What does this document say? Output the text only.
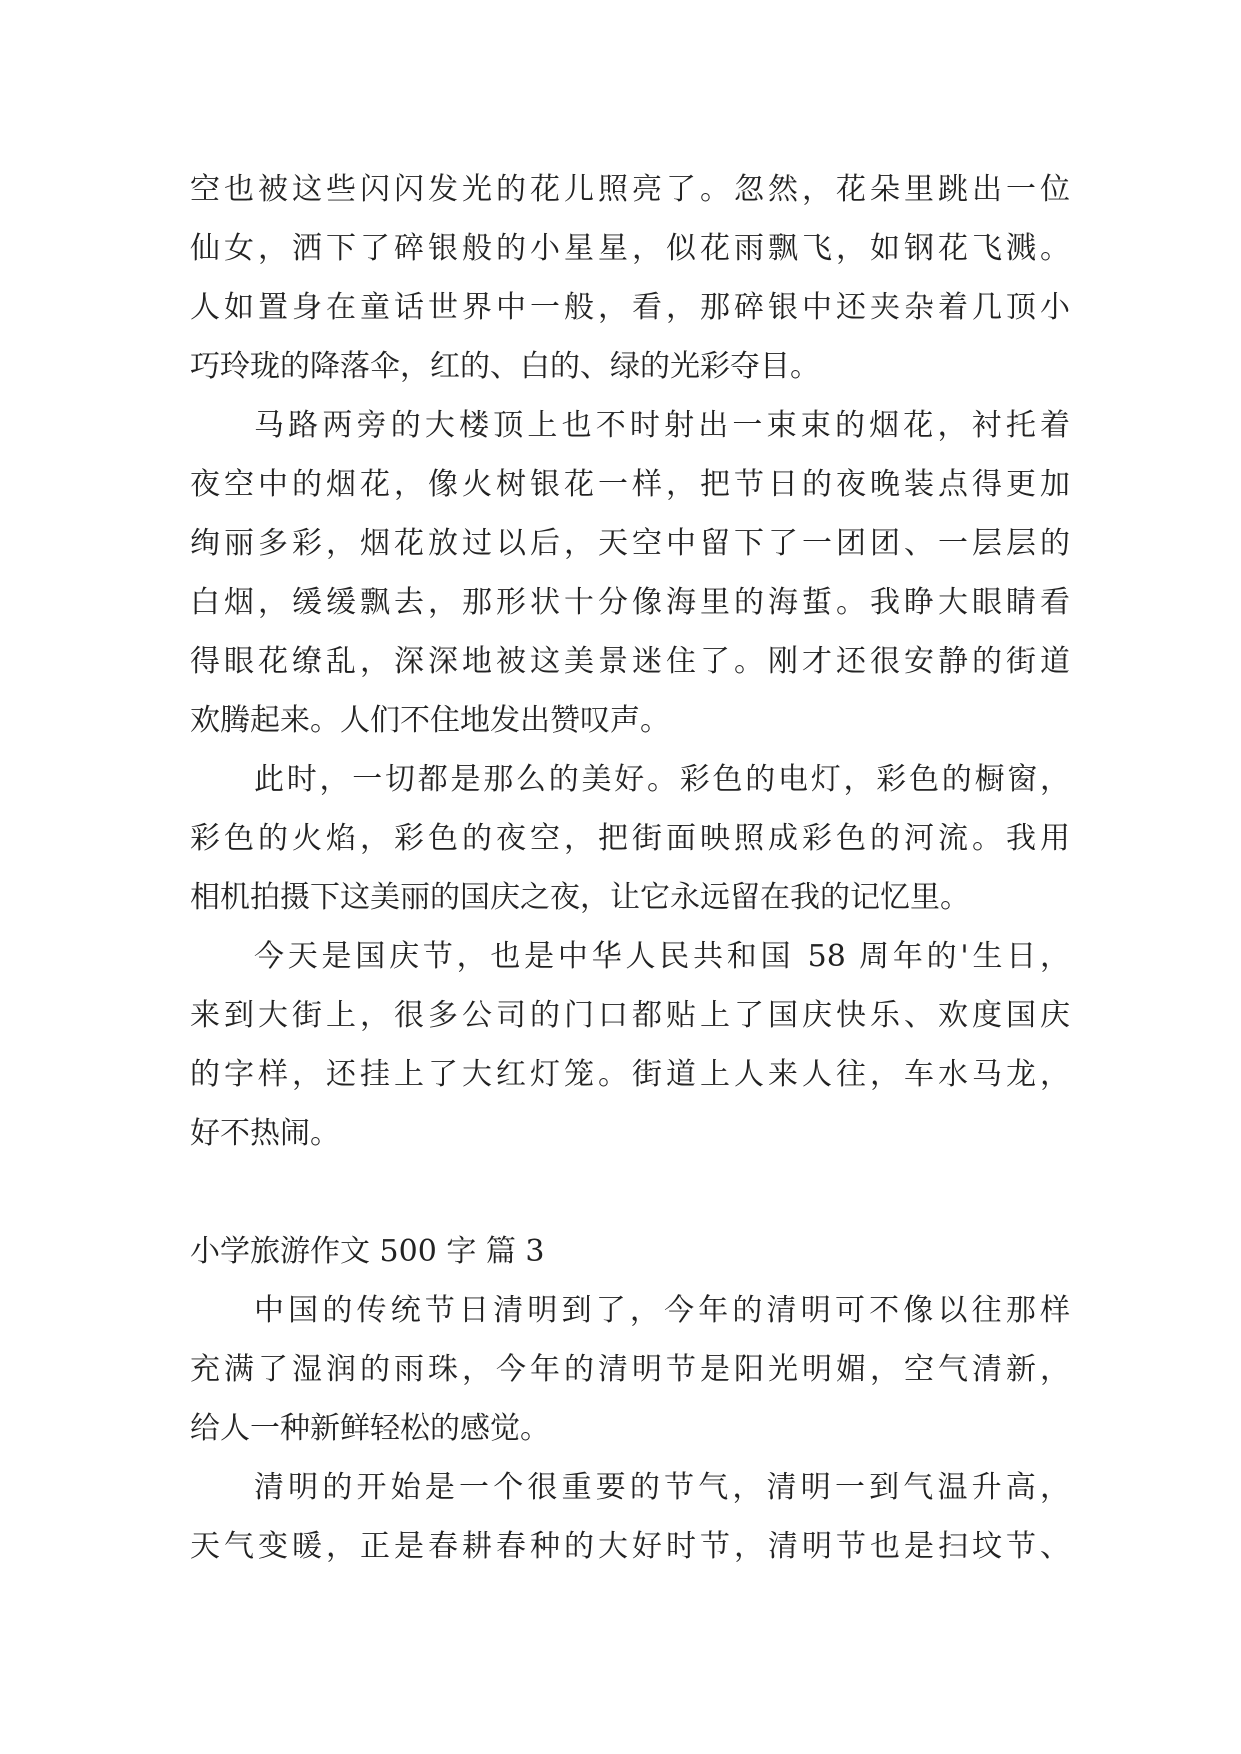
空也被这些闪闪发光的花儿照亮了。忽然，花朵里跳出一位
仙女，洒下了碎银般的小星星，似花雨飘飞，如钢花飞溅。
人如置身在童话世界中一般，看，那碎银中还夹杂着几顶小
巧玲珑的降落伞，红的、白的、绿的光彩夺目。
马路两旁的大楼顶上也不时射出一束束的烟花，衬托着
夜空中的烟花，像火树银花一样，把节日的夜晚装点得更加
绚丽多彩，烟花放过以后，天空中留下了一团团、一层层的
白烟，缓缓飘去，那形状十分像海里的海蜇。我睁大眼睛看
得眼花缭乱，深深地被这美景迷住了。刚才还很安静的街道
欢腾起来。人们不住地发出赞叹声。
此时，一切都是那么的美好。彩色的电灯，彩色的橱窗，
彩色的火焰，彩色的夜空，把街面映照成彩色的河流。我用
相机拍摄下这美丽的国庆之夜，让它永远留在我的记忆里。
今天是国庆节，也是中华人民共和国 58 周年的'生日，
来到大街上，很多公司的门口都贴上了国庆快乐、欢度国庆
的字样，还挂上了大红灯笼。街道上人来人往，车水马龙，
好不热闹。
小学旅游作文 500 字 篇 3
中国的传统节日清明到了，今年的清明可不像以往那样
充满了湿润的雨珠，今年的清明节是阳光明媚，空气清新，
给人一种新鲜轻松的感觉。
清明的开始是一个很重要的节气，清明一到气温升高，
天气变暖，正是春耕春种的大好时节，清明节也是扫坟节、
